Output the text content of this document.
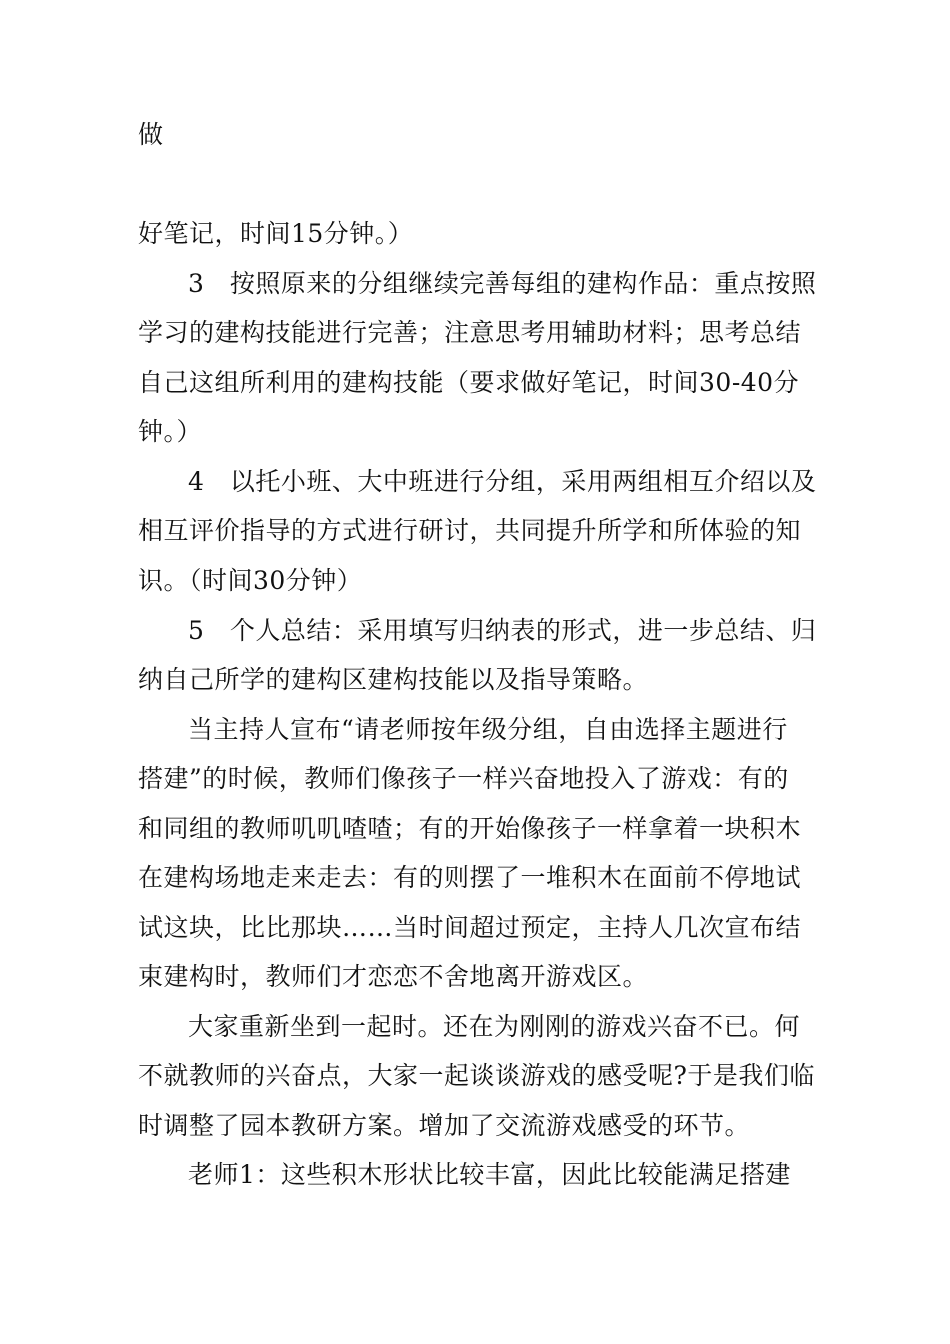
做
好笔记，时间15分钟。）
3　按照原来的分组继续完善每组的建构作品：重点按照
学习的建构技能进行完善；注意思考用辅助材料；思考总结
自己这组所利用的建构技能（要求做好笔记，时间30-40分
钟。）
4　以托小班、大中班进行分组，采用两组相互介绍以及
相互评价指导的方式进行研讨，共同提升所学和所体验的知
识。（时间30分钟）
5　个人总结：采用填写归纳表的形式，进一步总结、归
纳自己所学的建构区建构技能以及指导策略。
当主持人宣布“请老师按年级分组，自由选择主题进行
搭建”的时候，教师们像孩子一样兴奋地投入了游戏：有的
和同组的教师叽叽喳喳；有的开始像孩子一样拿着一块积木
在建构场地走来走去：有的则摆了一堆积木在面前不停地试
试这块，比比那块……当时间超过预定，主持人几次宣布结
束建构时，教师们才恋恋不舍地离开游戏区。
大家重新坐到一起时。还在为刚刚的游戏兴奋不已。何
不就教师的兴奋点，大家一起谈谈游戏的感受呢?于是我们临
时调整了园本教研方案。增加了交流游戏感受的环节。
老师1：这些积木形状比较丰富，因此比较能满足搭建
